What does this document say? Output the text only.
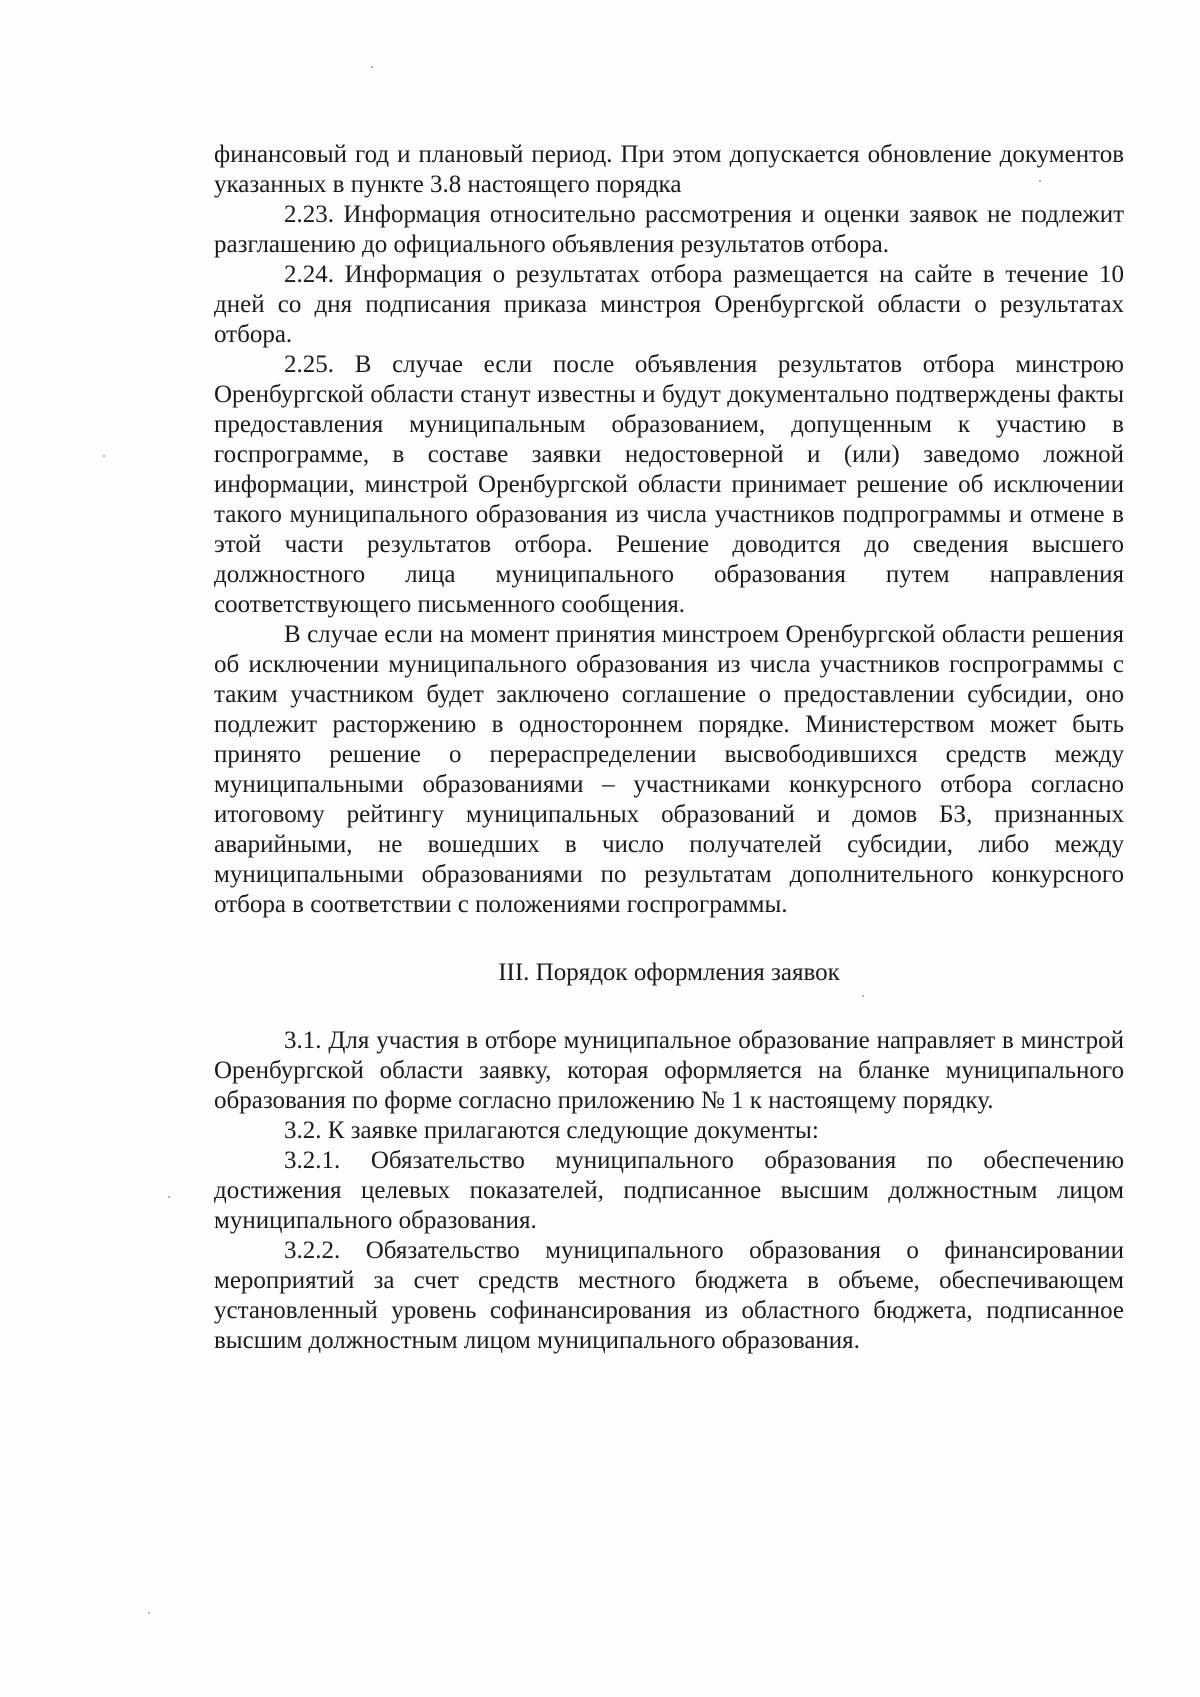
финансовый год и плановый период. При этом допускается обновление документов указанных в пункте 3.8 настоящего порядка

2.23. Информация относительно рассмотрения и оценки заявок не подлежит разглашению до официального объявления результатов отбора.

2.24. Информация о результатах отбора размещается на сайте в течение 10 дней со дня подписания приказа минстроя Оренбургской области о результатах отбора.

2.25. В случае если после объявления результатов отбора минстрою Оренбургской области станут известны и будут документально подтверждены факты предоставления муниципальным образованием, допущенным к участию в госпрограмме, в составе заявки недостоверной и (или) заведомо ложной информации, минстрой Оренбургской области принимает решение об исключении такого муниципального образования из числа участников подпрограммы и отмене в этой части результатов отбора. Решение доводится до сведения высшего должностного лица муниципального образования путем направления соответствующего письменного сообщения.

В случае если на момент принятия минстроем Оренбургской области решения об исключении муниципального образования из числа участников госпрограммы с таким участником будет заключено соглашение о предоставлении субсидии, оно подлежит расторжению в одностороннем порядке. Министерством может быть принято решение о перераспределении высвободившихся средств между муниципальными образованиями – участниками конкурсного отбора согласно итоговому рейтингу муниципальных образований и домов БЗ, признанных аварийными, не вошедших в число получателей субсидии, либо между муниципальными образованиями по результатам дополнительного конкурсного отбора в соответствии с положениями госпрограммы.

III. Порядок оформления заявок

3.1. Для участия в отборе муниципальное образование направляет в минстрой Оренбургской области заявку, которая оформляется на бланке муниципального образования по форме согласно приложению № 1 к настоящему порядку.

3.2. К заявке прилагаются следующие документы:

3.2.1. Обязательство муниципального образования по обеспечению достижения целевых показателей, подписанное высшим должностным лицом муниципального образования.

3.2.2. Обязательство муниципального образования о финансировании мероприятий за счет средств местного бюджета в объеме, обеспечивающем установленный уровень софинансирования из областного бюджета, подписанное высшим должностным лицом муниципального образования.
